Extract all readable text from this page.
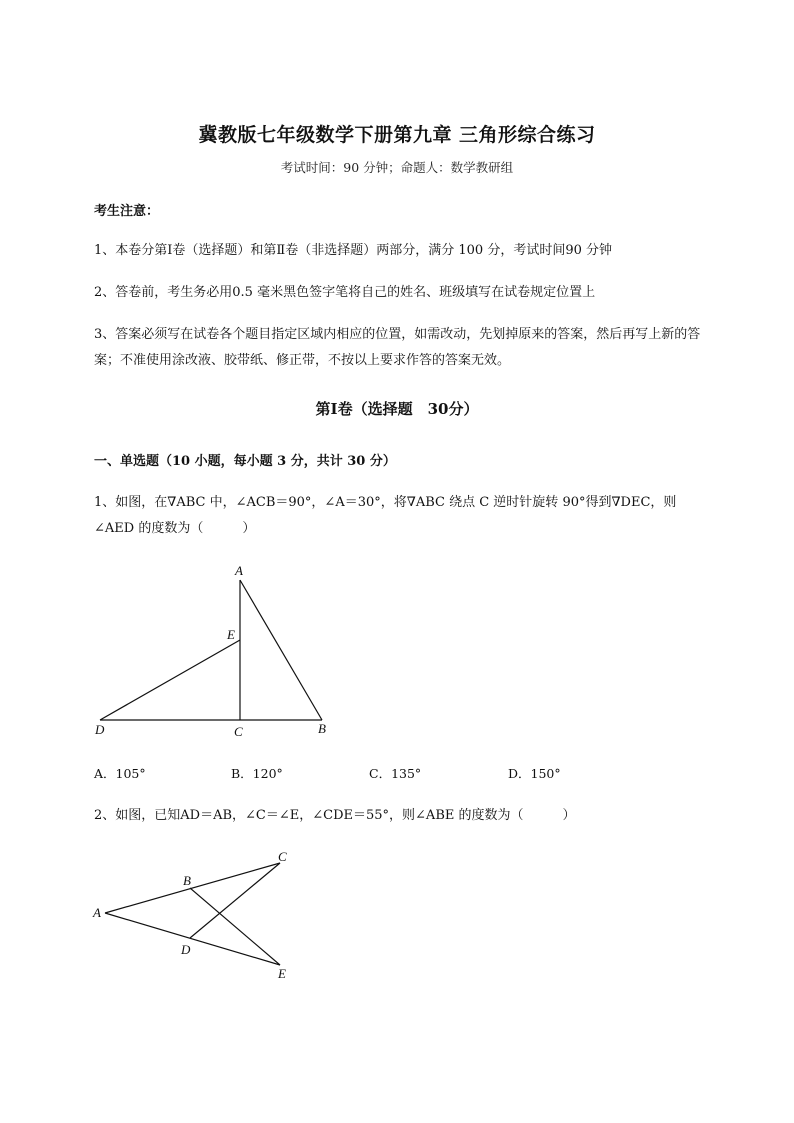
冀教版七年级数学下册第九章 三角形综合练习
考试时间：90 分钟；命题人：数学教研组
考生注意：
1、本卷分第Ⅰ卷（选择题）和第Ⅱ卷（非选择题）两部分，满分 100 分，考试时间90 分钟
2、答卷前，考生务必用0.5 毫米黑色签字笔将自己的姓名、班级填写在试卷规定位置上
3、答案必须写在试卷各个题目指定区域内相应的位置，如需改动，先划掉原来的答案，然后再写上新的答案；不准使用涂改液、胶带纸、修正带，不按以上要求作答的答案无效。
第Ⅰ卷（选择题　30分）
一、单选题（10 小题，每小题 3 分，共计 30 分）
1、如图，在∇ABC 中，∠ACB＝90°，∠A＝30°，将∇ABC 绕点 C 逆时针旋转 90°得到∇DEC，则∠AED 的度数为（　　　）
A
E
D	C	B
A．105°	B．120°	C．135°	D．150°
2、如图，已知AD＝AB，∠C＝∠E，∠CDE＝55°，则∠ABE 的度数为（　　　）
C
B
A
D
E
